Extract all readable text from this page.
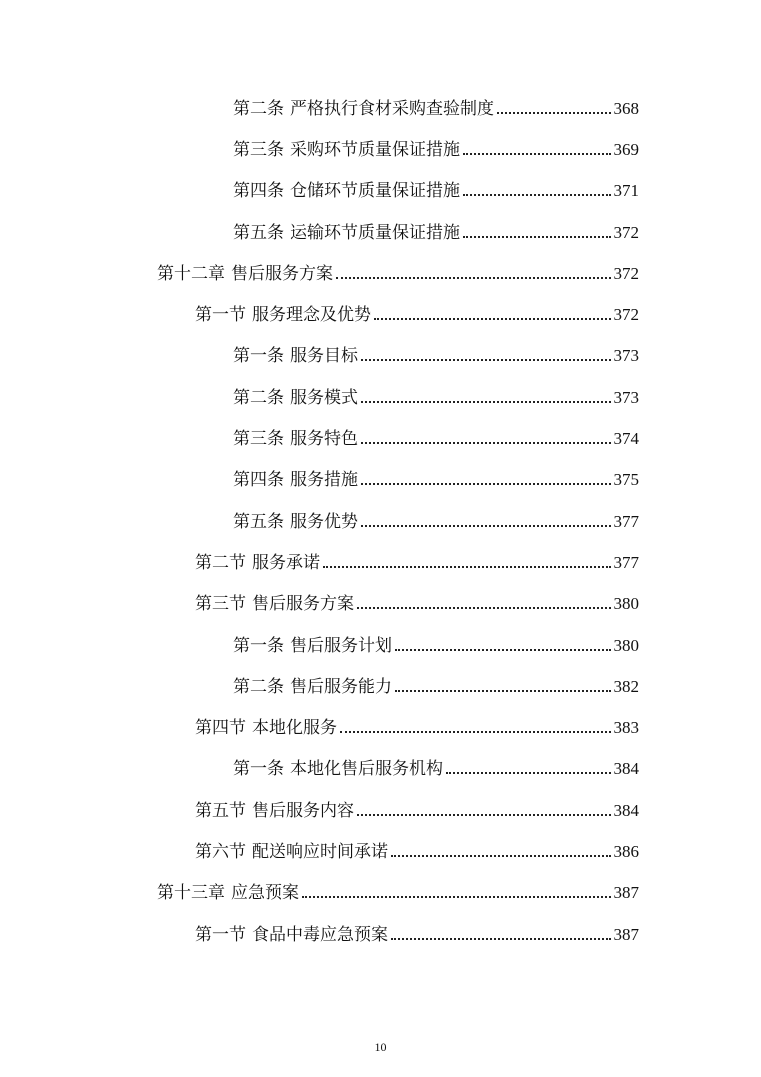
第二条 严格执行食材采购查验制度	368
第三条 采购环节质量保证措施	369
第四条 仓储环节质量保证措施	371
第五条 运输环节质量保证措施	372
第十二章 售后服务方案	372
第一节 服务理念及优势	372
第一条 服务目标	373
第二条 服务模式	373
第三条 服务特色	374
第四条 服务措施	375
第五条 服务优势	377
第二节 服务承诺	377
第三节 售后服务方案	380
第一条 售后服务计划	380
第二条 售后服务能力	382
第四节 本地化服务	383
第一条 本地化售后服务机构	384
第五节 售后服务内容	384
第六节 配送响应时间承诺	386
第十三章 应急预案	387
第一节 食品中毒应急预案	387
10
